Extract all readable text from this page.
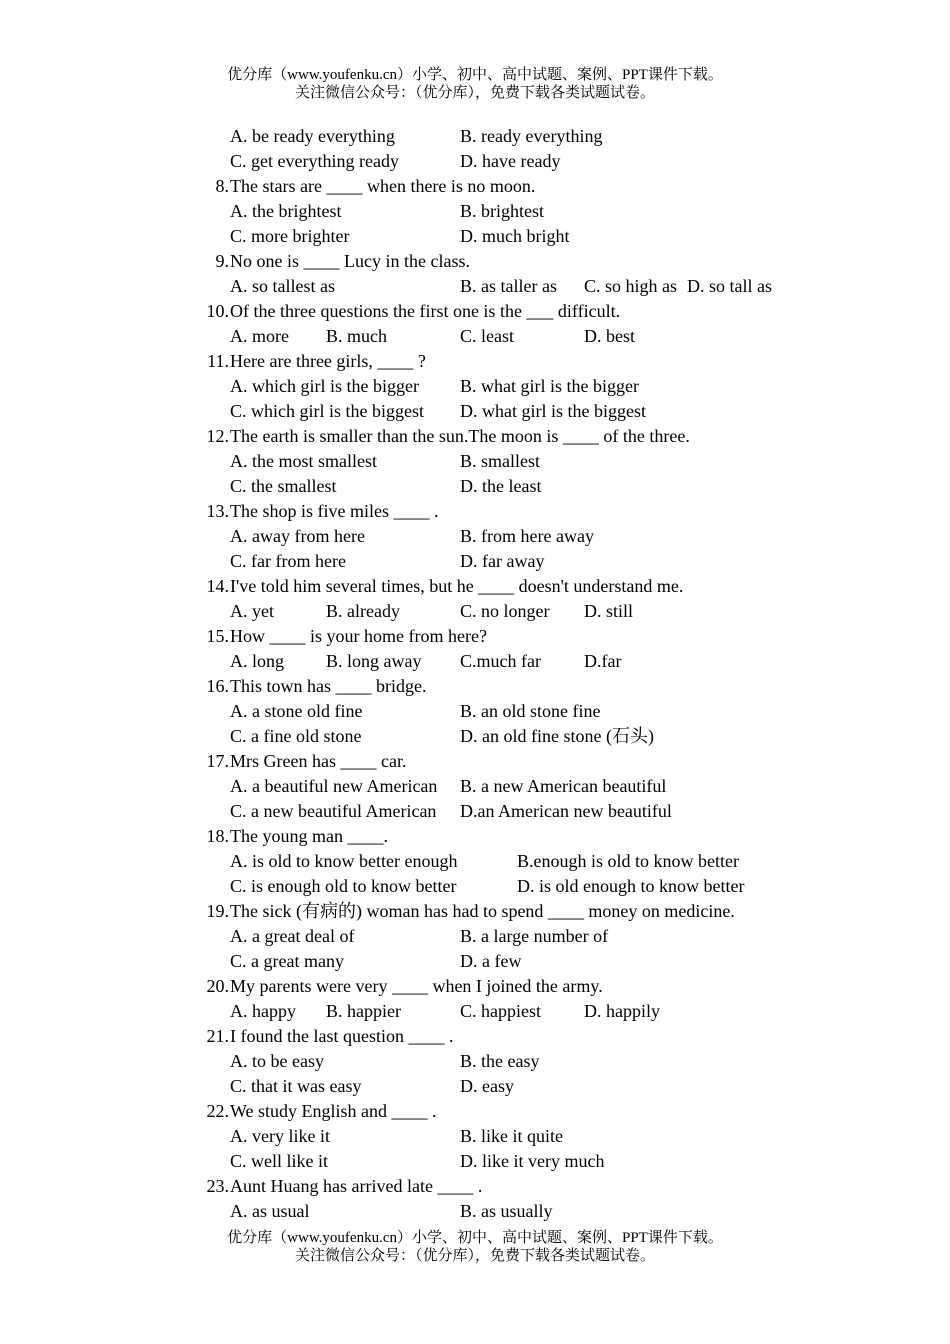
优分库（www.youfenku.cn）小学、初中、高中试题、案例、PPT课件下载。
关注微信公众号：（优分库），免费下载各类试题试卷。
A. be ready everything	B. ready everything
C. get everything ready	D. have ready
8. The stars are ____ when there is no moon.
A. the brightest	B. brightest
C. more brighter	D. much bright
9. No one is ____ Lucy in the class.
A. so tallest as	B. as taller as C. so high as D. so tall as
10. Of the three questions the first one is the ___ difficult.
A. more B. much	C. least	D. best
11. Here are three girls, ____ ?
A. which girl is the bigger B. what girl is the bigger
C. which girl is the biggest D. what girl is the biggest
12. The earth is smaller than the sun.The moon is ____ of the three.
A. the most smallest	B. smallest
C. the smallest	D. the least
13. The shop is five miles ____ .
A. away from here	B. from here away
C. far from here	D. far away
14. I've told him several times, but he ____ doesn't understand me.
A. yet	B. already	C. no longer D. still
15. How ____ is your home from here?
A. long B. long away C.much far D.far
16. This town has ____ bridge.
A. a stone old fine	B. an old stone fine
C. a fine old stone	D. an old fine stone (石头)
17. Mrs Green has ____ car.
A. a beautiful new American B. a new American beautiful
C. a new beautiful American D.an American new beautiful
18. The young man ____.
A. is old to know better enough	B.enough is old to know better
C. is enough old to know better	D. is old enough to know better
19. The sick (有病的) woman has had to spend ____ money on medicine.
A. a great deal of	B. a large number of
C. a great many	D. a few
20. My parents were very ____ when I joined the army.
A. happy B. happier	C. happiest D. happily
21. I found the last question ____ .
A. to be easy	B. the easy
C. that it was easy	D. easy
22. We study English and ____ .
A. very like it	B. like it quite
C. well like it	D. like it very much
23. Aunt Huang has arrived late ____ .
A. as usual	B. as usually
优分库（www.youfenku.cn）小学、初中、高中试题、案例、PPT课件下载。
关注微信公众号：（优分库），免费下载各类试题试卷。
